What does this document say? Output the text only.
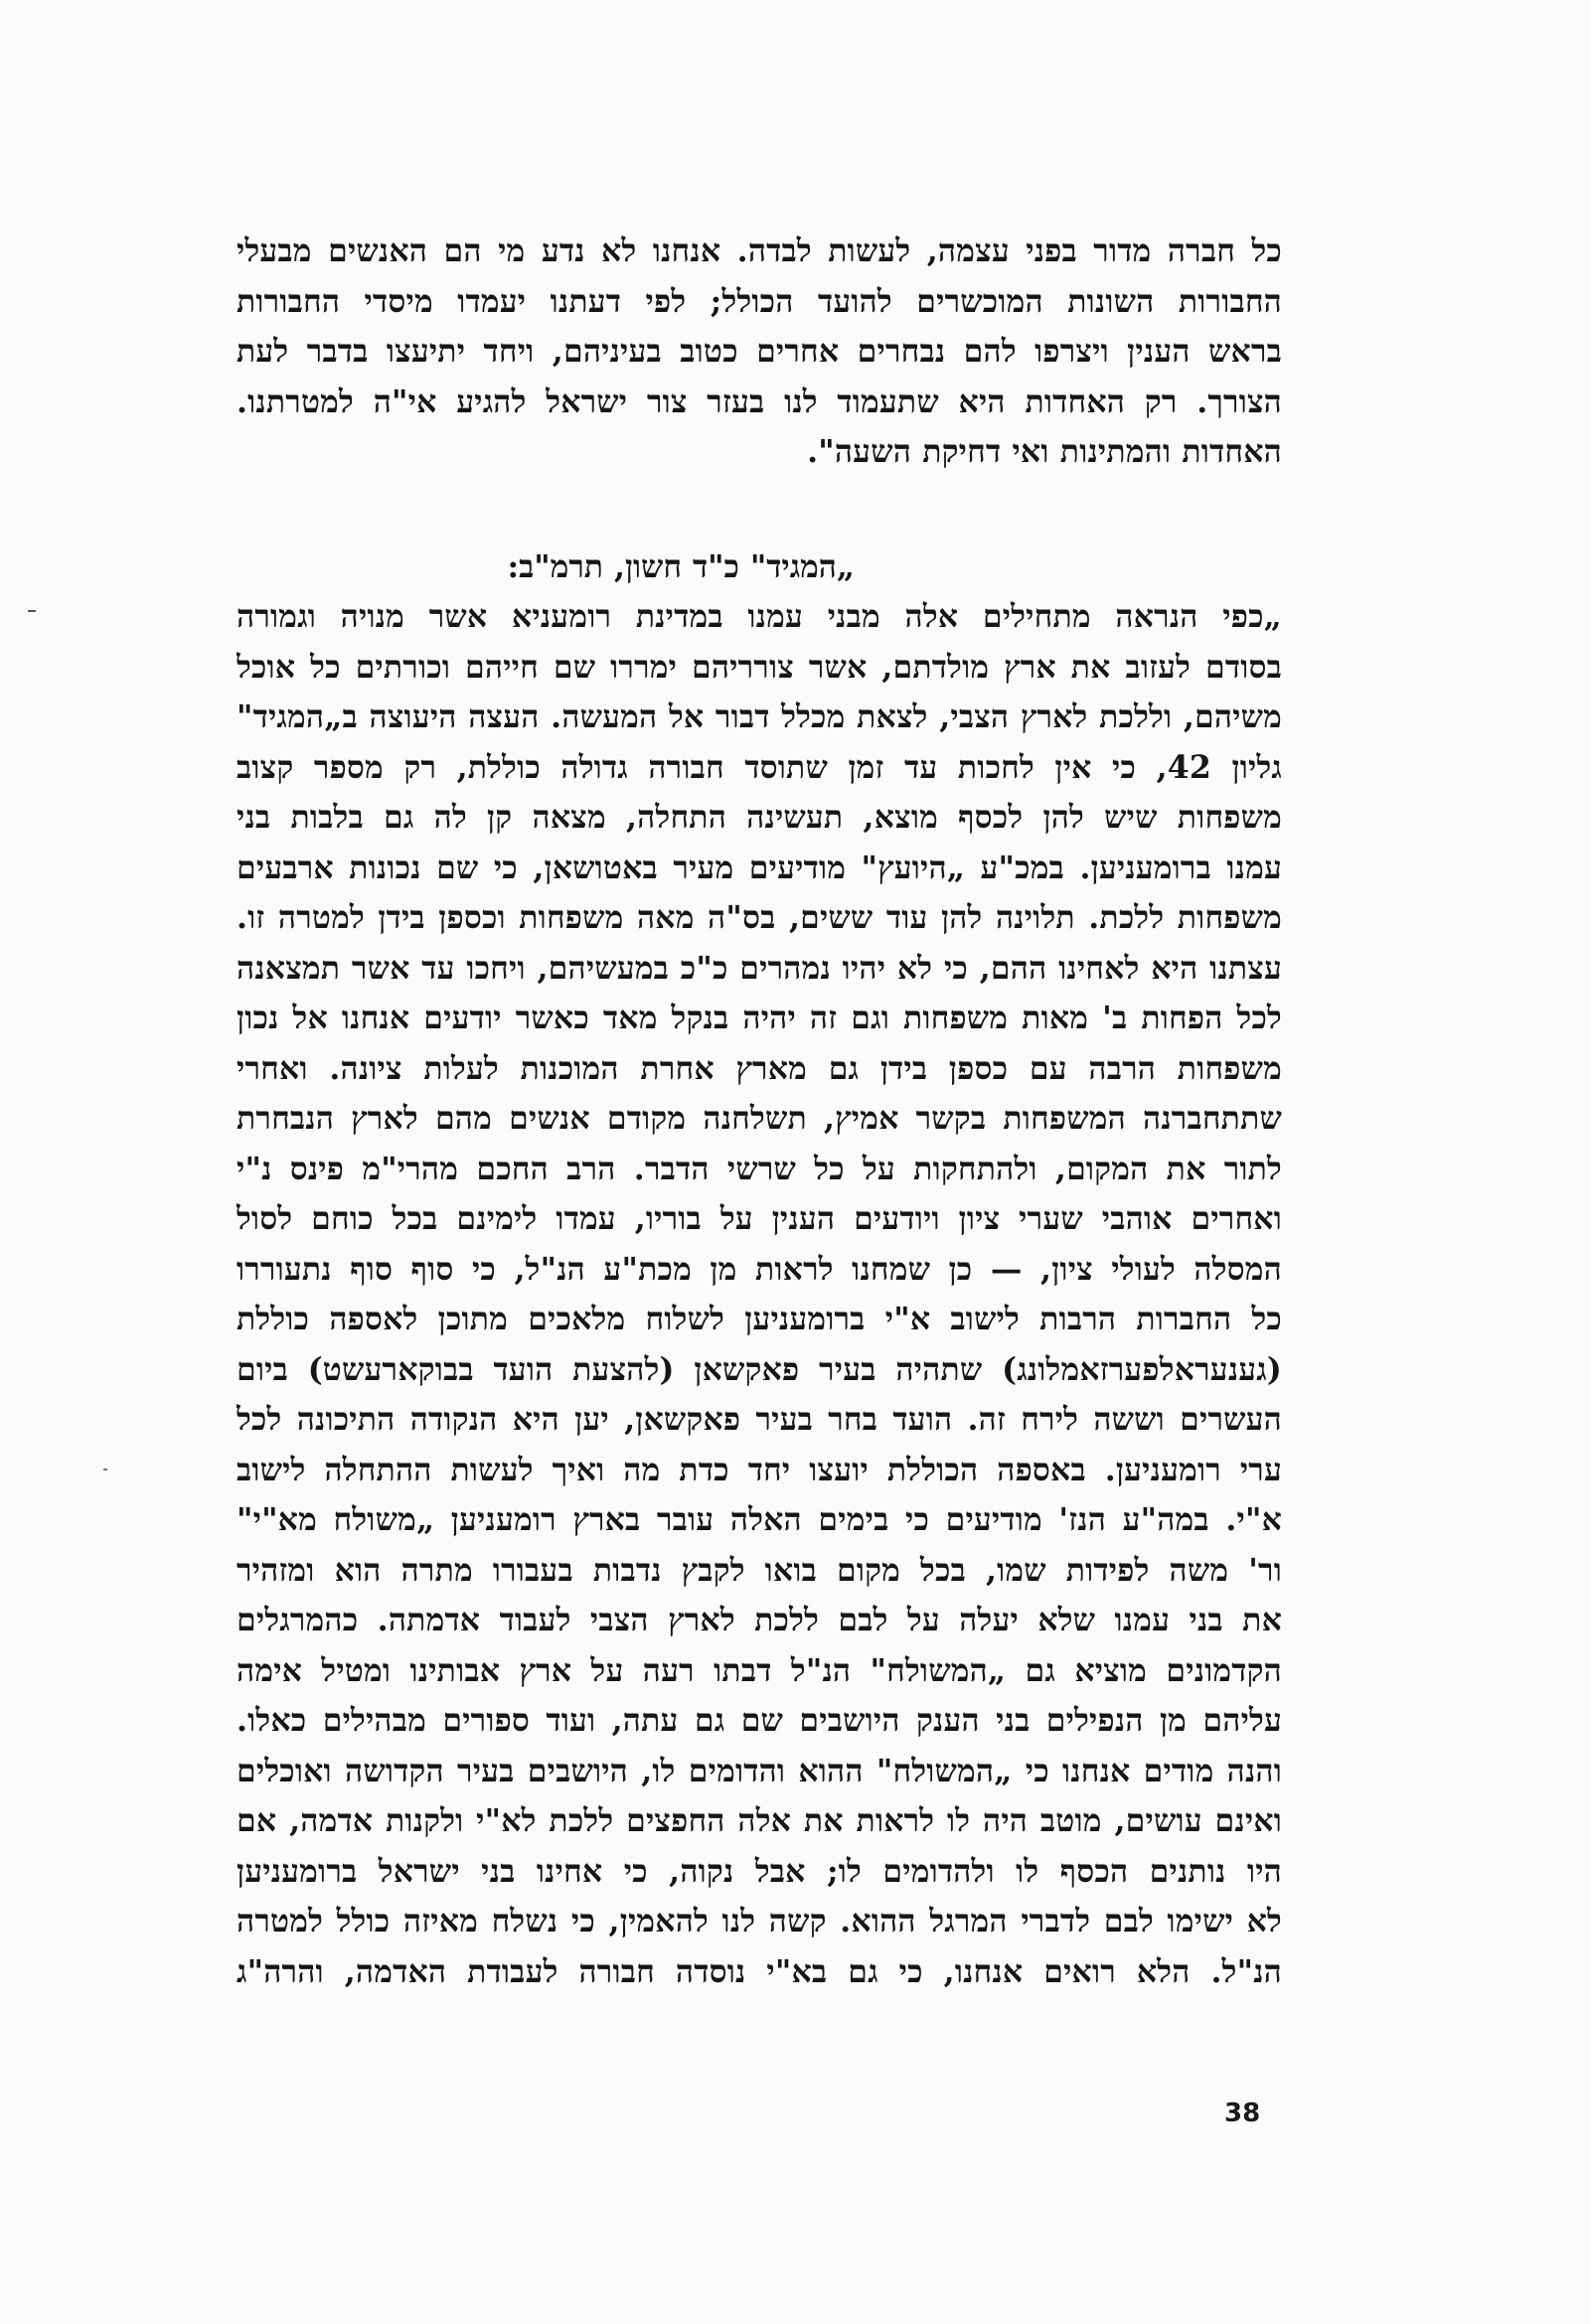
כל חברה מדור בפני עצמה, לעשות לבדה. אנחנו לא נדע מי הם האנשים מבעלי
החבורות השונות המוכשרים להועד הכולל; לפי דעתנו יעמדו מיסדי החבורות
בראש הענין ויצרפו להם נבחרים אחרים כטוב בעיניהם, ויחד יתיעצו בדבר לעת
הצורך. רק האחדות היא שתעמוד לנו בעזר צור ישראל להגיע אי"ה למטרתנו.
האחדות והמתינות ואי דחיקת השעה".
„המגיד" כ"ד חשון, תרמ"ב:
„כפי הנראה מתחילים אלה מבני עמנו במדינת רומעניא אשר מנויה וגמורה
בסודם לעזוב את ארץ מולדתם, אשר צורריהם ימררו שם חייהם וכורתים כל אוכל
משיהם, וללכת לארץ הצבי, לצאת מכלל דבור אל המעשה. העצה היעוצה ב„המגיד"
גליון 42, כי אין לחכות עד זמן שתוסד חבורה גדולה כוללת, רק מספר קצוב
משפחות שיש להן לכסף מוצא, תעשינה התחלה, מצאה קן לה גם בלבות בני
עמנו ברומעניען. במכ"ע „היועץ" מודיעים מעיר באטושאן, כי שם נכונות ארבעים
משפחות ללכת. תלוינה להן עוד ששים, בס"ה מאה משפחות וכספן בידן למטרה זו.
עצתנו היא לאחינו ההם, כי לא יהיו נמהרים כ"כ במעשיהם, ויחכו עד אשר תמצאנה
לכל הפחות ב' מאות משפחות וגם זה יהיה בנקל מאד כאשר יודעים אנחנו אל נכון
משפחות הרבה עם כספן בידן גם מארץ אחרת המוכנות לעלות ציונה. ואחרי
שתתחברנה המשפחות בקשר אמיץ, תשלחנה מקודם אנשים מהם לארץ הנבחרת
לתור את המקום, ולהתחקות על כל שרשי הדבר. הרב החכם מהרי"מ פינס נ"י
ואחרים אוהבי שערי ציון ויודעים הענין על בוריו, עמדו לימינם בכל כוחם לסול
המסלה לעולי ציון, — כן שמחנו לראות מן מכת"ע הנ"ל, כי סוף סוף נתעוררו
כל החברות הרבות לישוב א"י ברומעניען לשלוח מלאכים מתוכן לאספה כוללת
(גענעראלפערזאמלונג) שתהיה בעיר פאקשאן (להצעת הועד בבוקארעשט) ביום
העשרים וששה לירח זה. הועד בחר בעיר פאקשאן, יען היא הנקודה התיכונה לכל
ערי רומעניען. באספה הכוללת יועצו יחד כדת מה ואיך לעשות ההתחלה לישוב
א"י. במה"ע הנז' מודיעים כי בימים האלה עובר בארץ רומעניען „משולח מא"י"
ור' משה לפידות שמו, בכל מקום בואו לקבץ נדבות בעבורו מתרה הוא ומזהיר
את בני עמנו שלא יעלה על לבם ללכת לארץ הצבי לעבוד אדמתה. כהמרגלים
הקדמונים מוציא גם „המשולח" הנ"ל דבתו רעה על ארץ אבותינו ומטיל אימה
עליהם מן הנפילים בני הענק היושבים שם גם עתה, ועוד ספורים מבהילים כאלו.
והנה מודים אנחנו כי „המשולח" ההוא והדומים לו, היושבים בעיר הקדושה ואוכלים
ואינם עושים, מוטב היה לו לראות את אלה החפצים ללכת לא"י ולקנות אדמה, אם
היו נותנים הכסף לו ולהדומים לו; אבל נקוה, כי אחינו בני ישראל ברומעניען
לא ישימו לבם לדברי המרגל ההוא. קשה לנו להאמין, כי נשלח מאיזה כולל למטרה
הנ"ל. הלא רואים אנחנו, כי גם בא"י נוסדה חבורה לעבודת האדמה, והרה"ג
38
